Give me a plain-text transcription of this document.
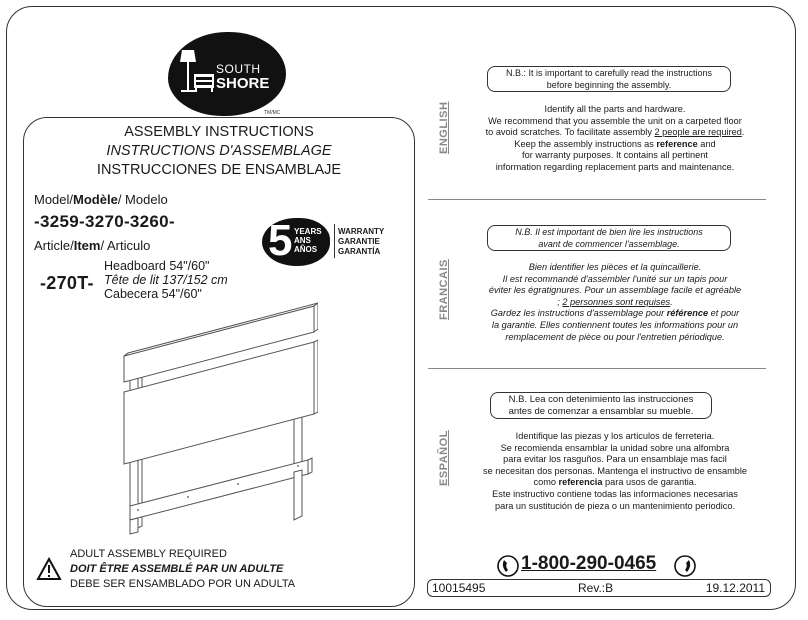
SOUTH
SHORE
TM/MC
ASSEMBLY INSTRUCTIONS
INSTRUCTIONS D'ASSEMBLAGE
INSTRUCCIONES DE ENSAMBLAJE
Model/Modèle/ Modelo
-3259-3270-3260-
Article/Item/ Articulo
-270T-
Headboard 54"/60"
Tête de lit 137/152 cm
Cabecera 54"/60"
5 YEARS
ANS
AÑOS
WARRANTY
GARANTIE
GARANTÍA
ADULT ASSEMBLY REQUIRED
DOIT ÊTRE ASSEMBLÉ PAR UN ADULTE
DEBE SER ENSAMBLADO POR UN ADULTA
ENGLISH
N.B.: It is important to carefully read the instructions
before beginning the assembly.
Identify all the parts and hardware.
We recommend that you assemble the unit on a carpeted floor
to avoid scratches. To facilitate assembly 2 people are required.
Keep the assembly instructions as reference and
for warranty purposes. It contains all pertinent
information regarding replacement parts and maintenance.
FRANCAIS
N.B. Il est important de bien lire les instructions
avant de commencer l'assemblage.
Bien identifier les pièces et la quincaillerie.
Il est recommandé d'assembler l'unité sur un tapis pour
éviter les égratignures. Pour un assemblage facile et agréable
; 2 personnes sont requises.
Gardez les instructions d'assemblage pour référence et pour
la garantie. Elles contiennent toutes les informations pour un
remplacement de pièce ou pour l'entretien périodique.
ESPAÑOL
N.B. Lea con detenimiento las instrucciones
antes de comenzar a ensamblar su mueble.
Identifique las piezas y los articulos de ferreteria.
Se recomienda ensamblar la unidad sobre una alfombra
para evitar los rasguños. Para un ensamblaje mas facil
se necesitan dos personas. Mantenga el instructivo de ensamble
como referencia para usos de garantia.
Este instructivo contiene todas las informaciones necesarias
para un sustitución de pieza o un mantenimiento periodico.
1-800-290-0465
10015495	Rev.:B	19.12.2011
